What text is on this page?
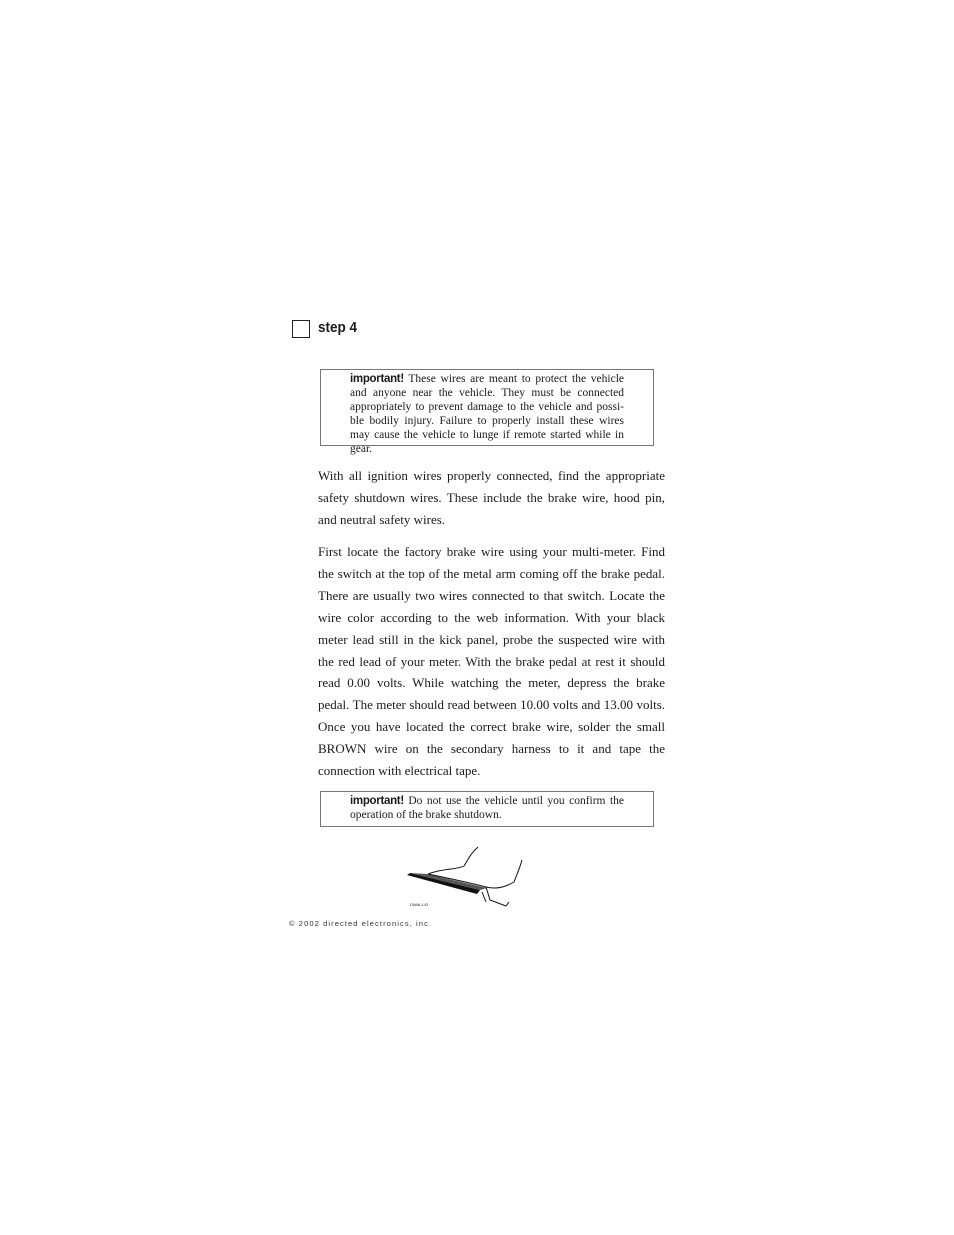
step 4
important! These wires are meant to protect the vehicle and anyone near the vehicle. They must be connected appropriately to prevent damage to the vehicle and possi-ble bodily injury. Failure to properly install these wires may cause the vehicle to lunge if remote started while in gear.

With all ignition wires properly connected, find the appropriate safety shutdown wires. These include the brake wire, hood pin, and neutral safety wires.

First locate the factory brake wire using your multi-meter. Find the switch at the top of the metal arm coming off the brake pedal. There are usually two wires connected to that switch. Locate the wire color according to the web information. With your black meter lead still in the kick panel, probe the suspected wire with the red lead of your meter. With the brake pedal at rest it should read 0.00 volts. While watching the meter, depress the brake pedal. The meter should read between 10.00 volts and 13.00 volts. Once you have located the correct brake wire, solder the small BROWN wire on the secondary harness to it and tape the connection with electrical tape.

important! Do not use the vehicle until you confirm the operation of the brake shutdown.
DWAL143
© 2002 directed electronics, inc.
